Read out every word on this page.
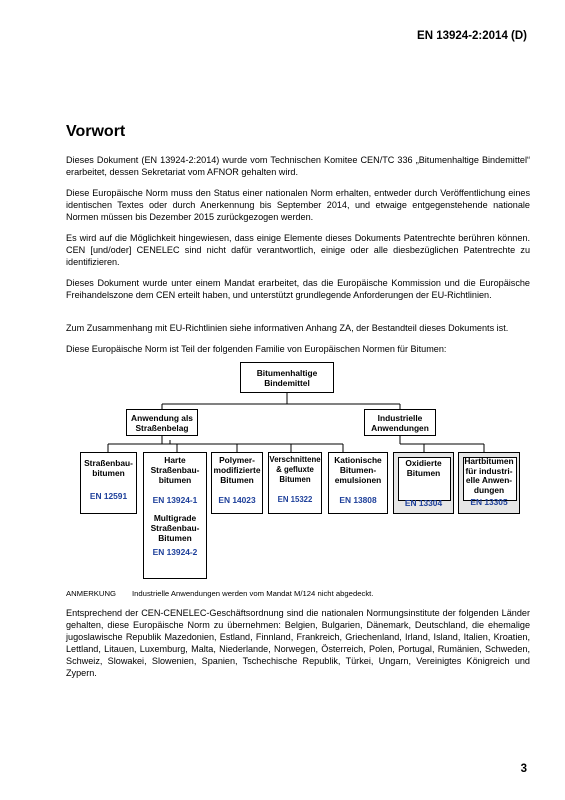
EN 13924-2:2014 (D)
Vorwort

Dieses Dokument (EN 13924-2:2014) wurde vom Technischen Komitee CEN/TC 336 „Bitumenhaltige Bindemittel“ erarbeitet, dessen Sekretariat vom AFNOR gehalten wird.

Diese Europäische Norm muss den Status einer nationalen Norm erhalten, entweder durch Veröffentlichung eines identischen Textes oder durch Anerkennung bis September 2014, und etwaige entgegenstehende nationale Normen müssen bis Dezember 2015 zurückgezogen werden.

Es wird auf die Möglichkeit hingewiesen, dass einige Elemente dieses Dokuments Patentrechte berühren können. CEN [und/oder] CENELEC sind nicht dafür verantwortlich, einige oder alle diesbezüglichen Patentrechte zu identifizieren.

Dieses Dokument wurde unter einem Mandat erarbeitet, das die Europäische Kommission und die Europäische Freihandelszone dem CEN erteilt haben, und unterstützt grundlegende Anforderungen der EU-Richtlinien.

Zum Zusammenhang mit EU-Richtlinien siehe informativen Anhang ZA, der Bestandteil dieses Dokuments ist.

Diese Europäische Norm ist Teil der folgenden Familie von Europäischen Normen für Bitumen:

Bitumenhaltige Bindemittel
Anwendung als Straßenbelag
Industrielle Anwendungen
Straßenbau-bitumen
EN 12591
Harte Straßenbau-bitumen
EN 13924-1
Multigrade Straßenbau-Bitumen
EN 13924-2
Polymer-modifizierte Bitumen
EN 14023
Verschnittene & gefluxte Bitumen
EN 15322
Kationische Bitumen-emulsionen
EN 13808
Oxidierte Bitumen
EN 13304
Hartbitumen für industri-elle Anwen-dungen
EN 13305
ANMERKUNG Industrielle Anwendungen werden vom Mandat M/124 nicht abgedeckt.

Entsprechend der CEN-CENELEC-Geschäftsordnung sind die nationalen Normungsinstitute der folgenden Länder gehalten, diese Europäische Norm zu übernehmen: Belgien, Bulgarien, Dänemark, Deutschland, die ehemalige jugoslawische Republik Mazedonien, Estland, Finnland, Frankreich, Griechenland, Irland, Island, Italien, Kroatien, Lettland, Litauen, Luxemburg, Malta, Niederlande, Norwegen, Österreich, Polen, Portugal, Rumänien, Schweden, Schweiz, Slowakei, Slowenien, Spanien, Tschechische Republik, Türkei, Ungarn, Vereinigtes Königreich und Zypern.

3
